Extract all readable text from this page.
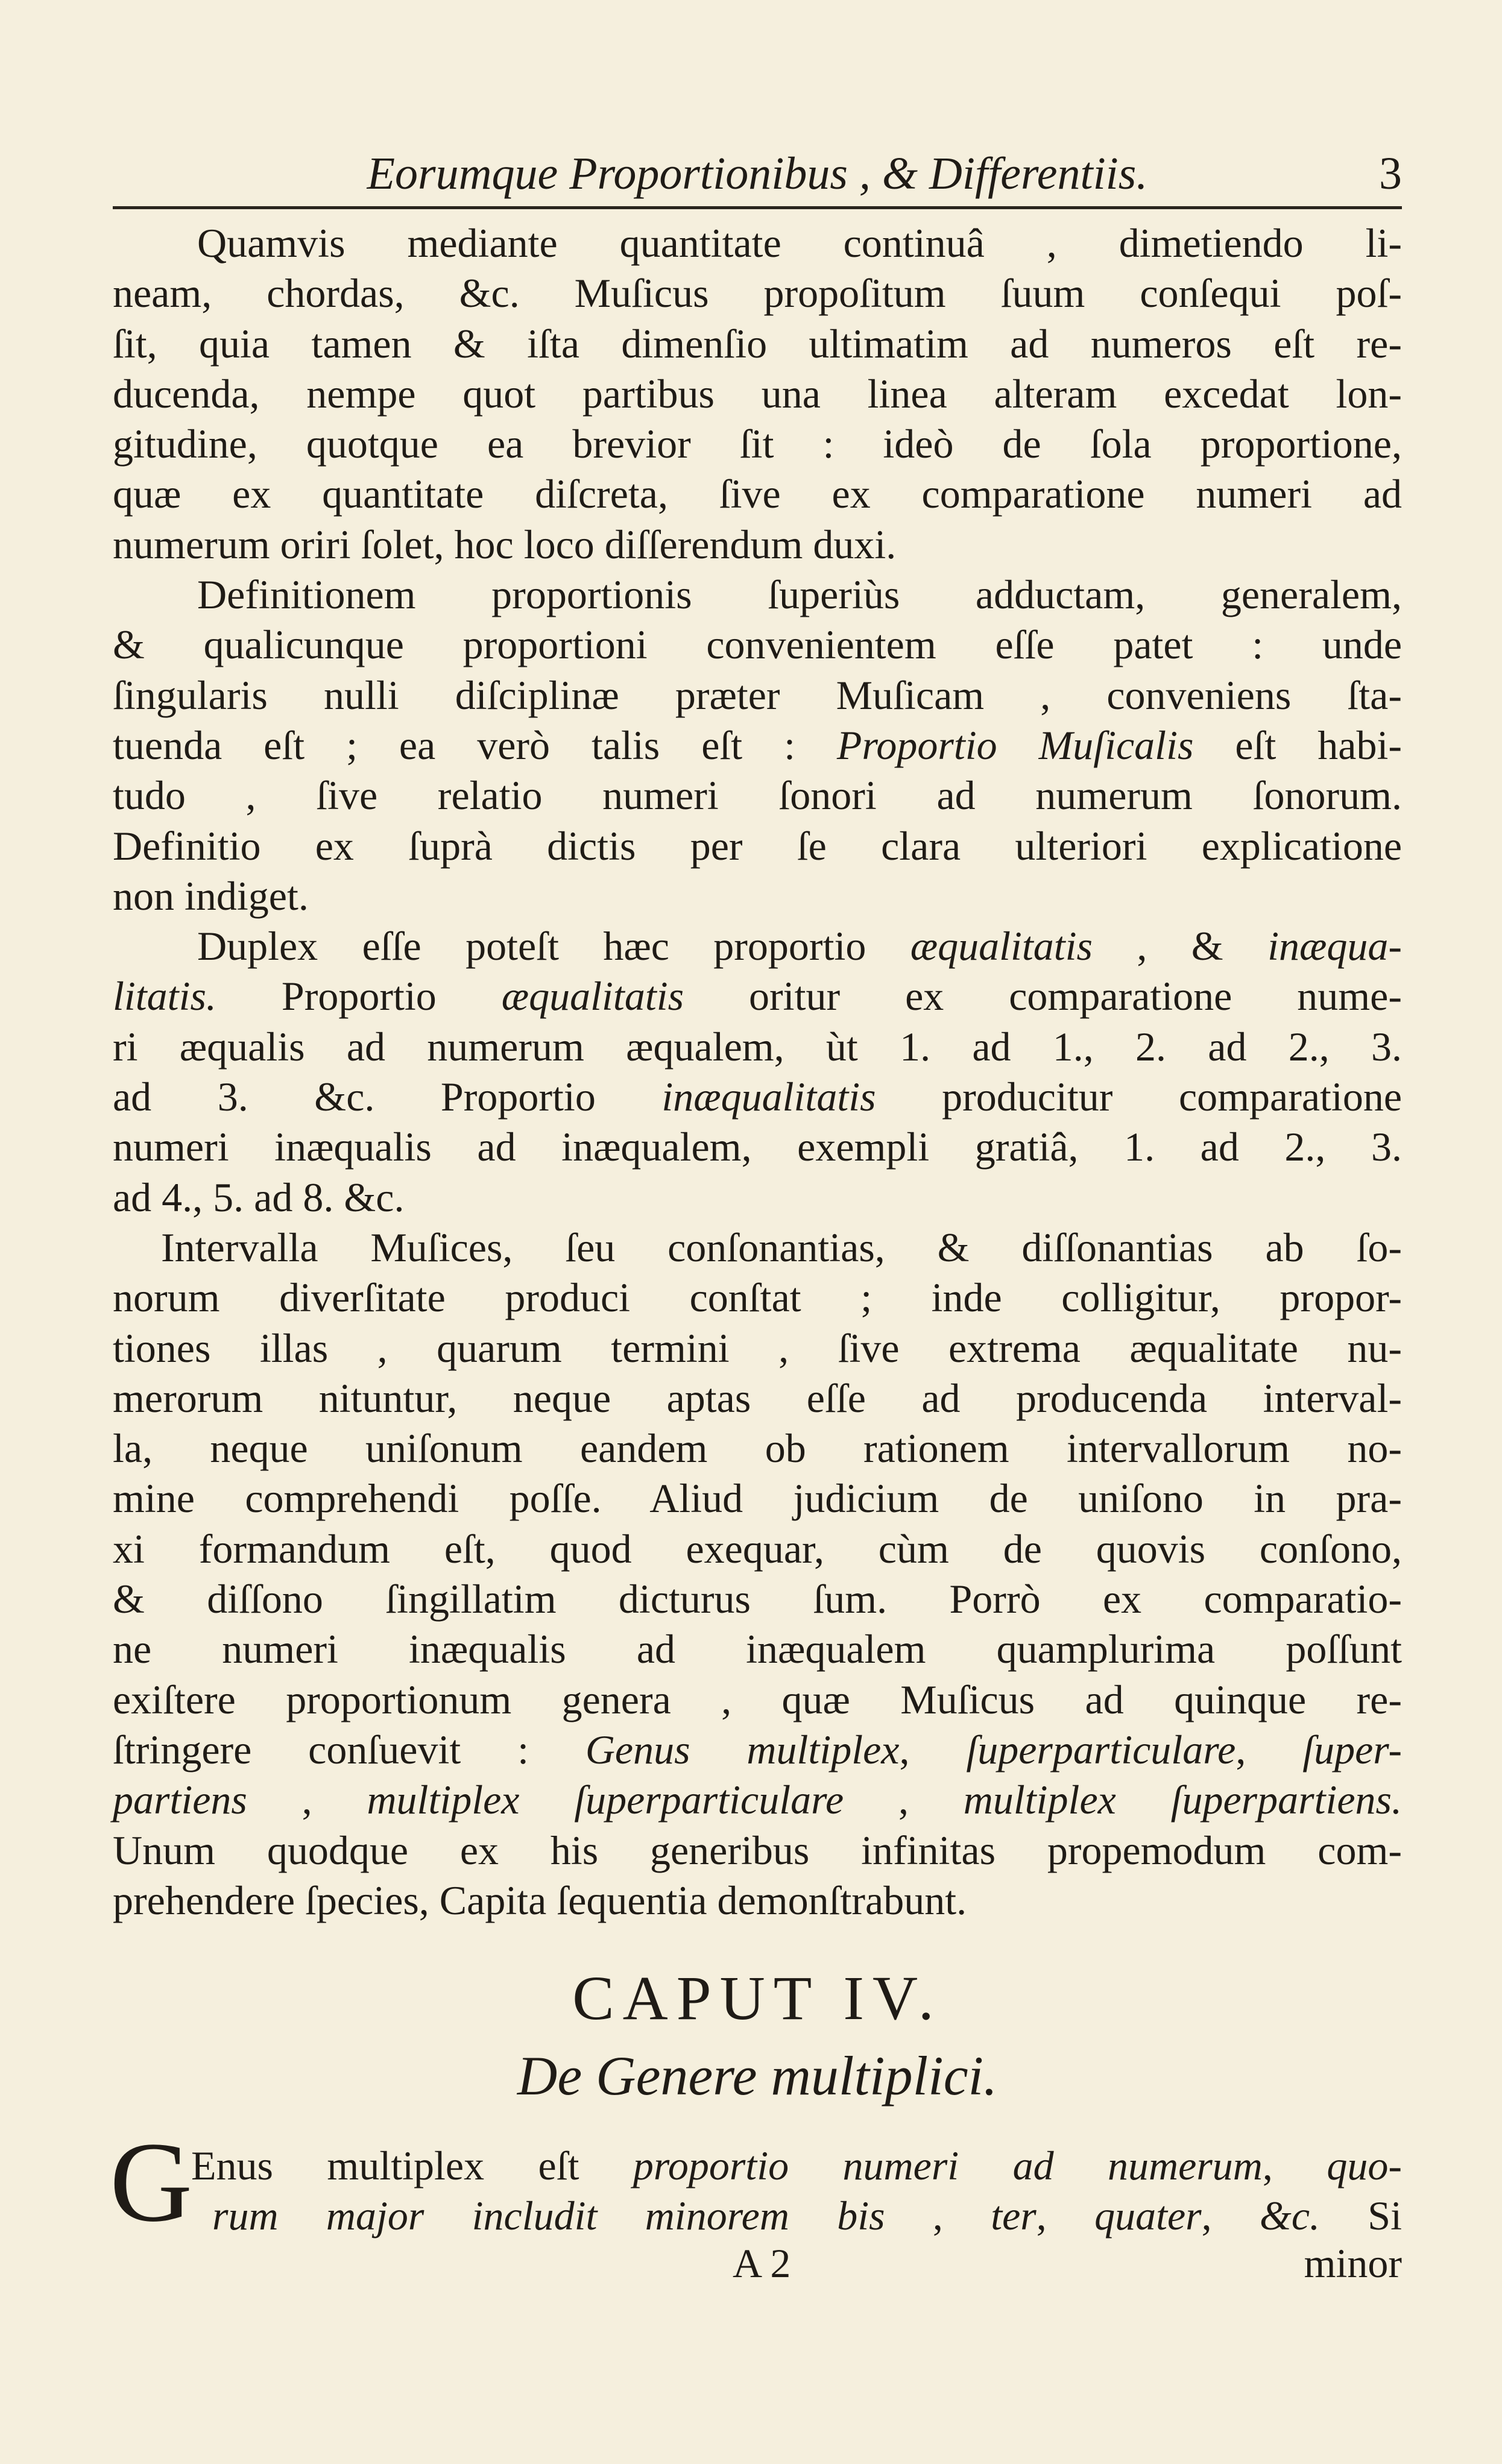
Eorumque Proportionibus , & Differentiis.	3
Quamvis mediante quantitate continuâ , dimetiendo li-
neam, chordas, &c. Muſicus propoſitum ſuum conſequi poſ-
ſit, quia tamen & iſta dimenſio ultimatim ad numeros eſt re-
ducenda, nempe quot partibus una linea alteram excedat lon-
gitudine, quotque ea brevior ſit : ideò de ſola proportione,
quæ ex quantitate diſcreta, ſive ex comparatione numeri ad
numerum oriri ſolet, hoc loco diſſerendum duxi.
Definitionem proportionis ſuperiùs adductam, generalem,
& qualicunque proportioni convenientem eſſe patet : unde
ſingularis nulli diſciplinæ præter Muſicam , conveniens ſta-
tuenda eſt ; ea verò talis eſt : Proportio Muſicalis eſt habi-
tudo , ſive relatio numeri ſonori ad numerum ſonorum.
Definitio ex ſuprà dictis per ſe clara ulteriori explicatione
non indiget.
Duplex eſſe poteſt hæc proportio æqualitatis , & inæqua-
litatis. Proportio æqualitatis oritur ex comparatione nume-
ri æqualis ad numerum æqualem, ùt 1. ad 1., 2. ad 2., 3.
ad 3. &c. Proportio inæqualitatis producitur comparatione
numeri inæqualis ad inæqualem, exempli gratiâ, 1. ad 2., 3.
ad 4., 5. ad 8. &c.
Intervalla Muſices, ſeu conſonantias, & diſſonantias ab ſo-
norum diverſitate produci conſtat ; inde colligitur, propor-
tiones illas , quarum termini , ſive extrema æqualitate nu-
merorum nituntur, neque aptas eſſe ad producenda interval-
la, neque uniſonum eandem ob rationem intervallorum no-
mine comprehendi poſſe. Aliud judicium de uniſono in pra-
xi formandum eſt, quod exequar, cùm de quovis conſono,
& diſſono ſingillatim dicturus ſum. Porrò ex comparatio-
ne numeri inæqualis ad inæqualem quamplurima poſſunt
exiſtere proportionum genera , quæ Muſicus ad quinque re-
ſtringere conſuevit : Genus multiplex, ſuperparticulare, ſuper-
partiens , multiplex ſuperparticulare , multiplex ſuperpartiens.
Unum quodque ex his generibus infinitas propemodum com-
prehendere ſpecies, Capita ſequentia demonſtrabunt.
CAPUT IV.
De Genere multiplici.
G
Enus multiplex eſt proportio numeri ad numerum, quo-
rum major includit minorem bis , ter, quater, &c. Si
A 2	minor
